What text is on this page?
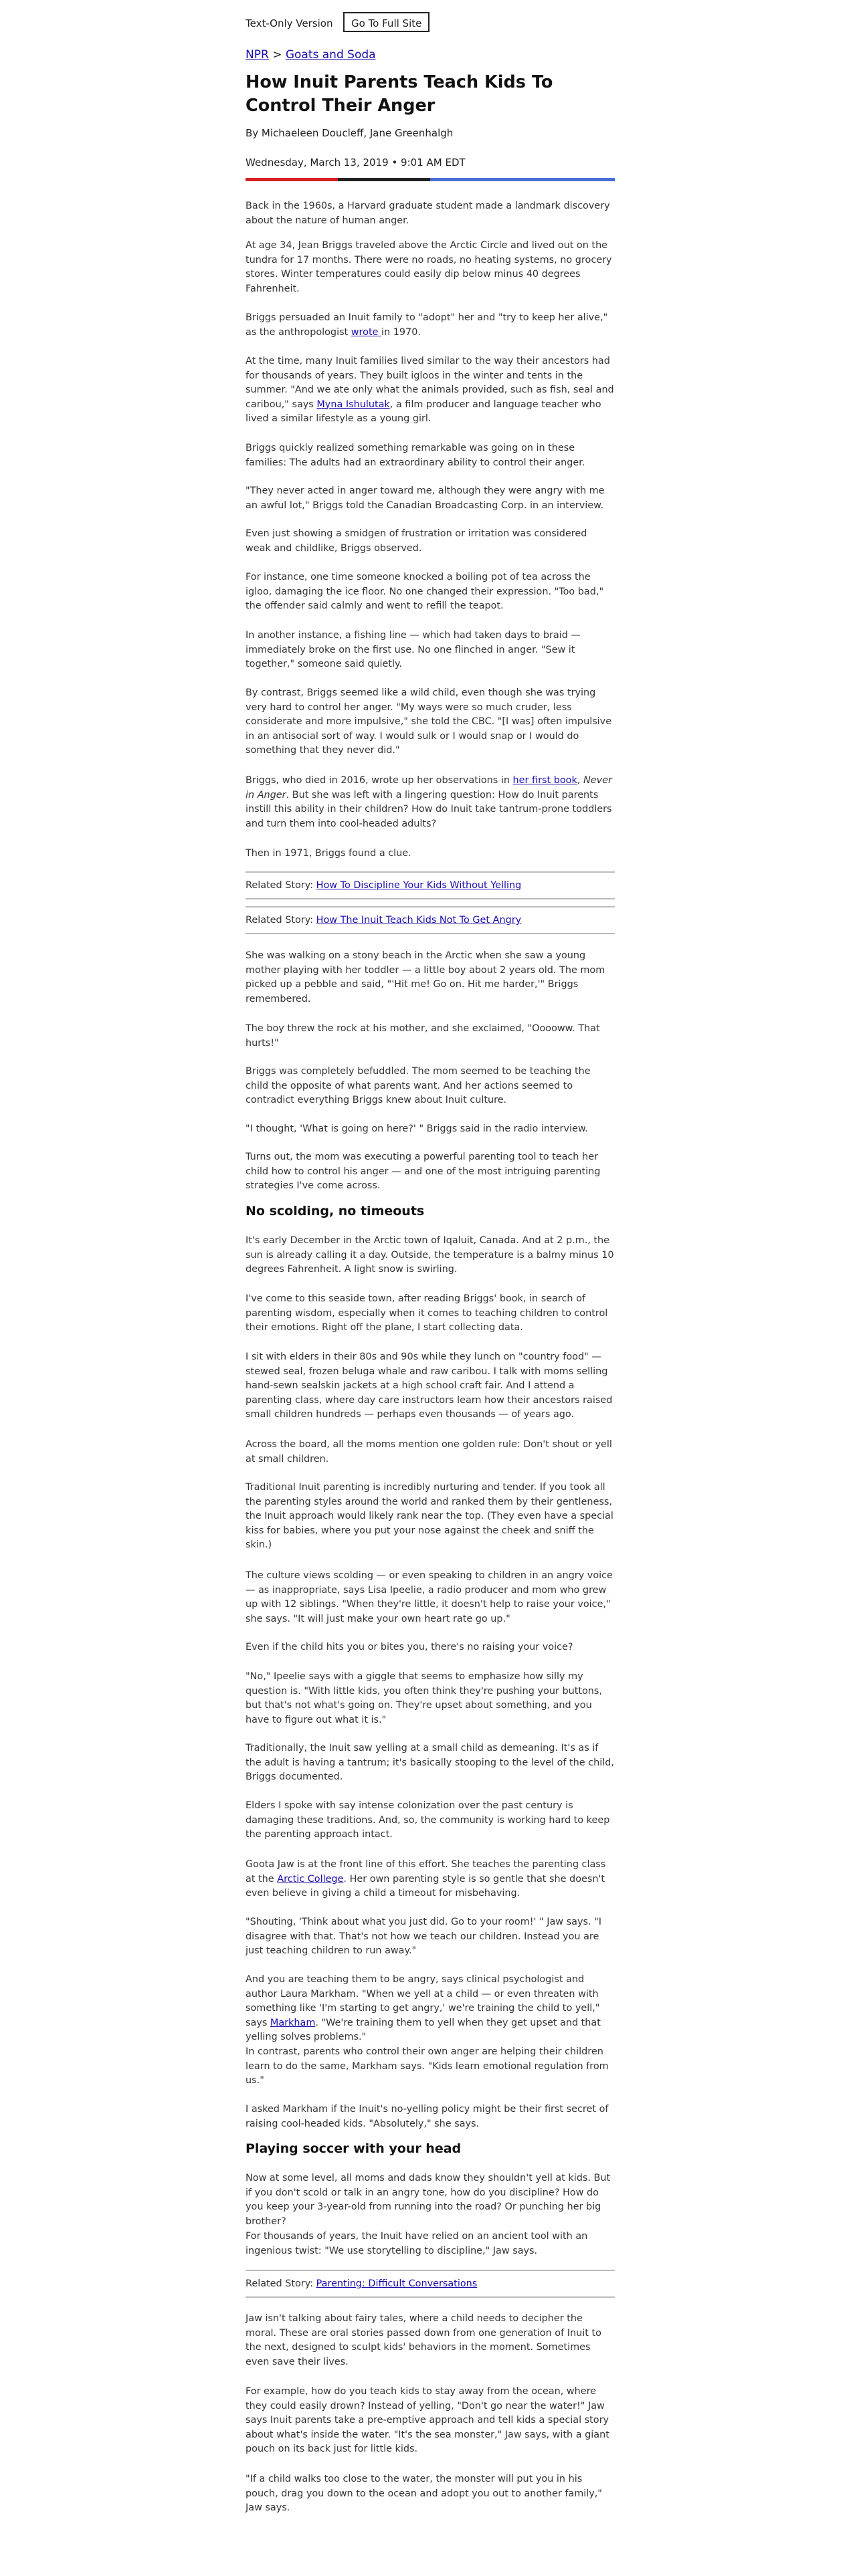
Text-Only Version	Go To Full Site
NPR > Goats and Soda
How Inuit Parents Teach Kids To Control Their Anger
By Michaeleen Doucleff, Jane Greenhalgh
Wednesday, March 13, 2019 • 9:01 AM EDT

Back in the 1960s, a Harvard graduate student made a landmark discovery about the nature of human anger.

At age 34, Jean Briggs traveled above the Arctic Circle and lived out on the tundra for 17 months. There were no roads, no heating systems, no grocery stores. Winter temperatures could easily dip below minus 40 degrees Fahrenheit.

Briggs persuaded an Inuit family to "adopt" her and "try to keep her alive," as the anthropologist wrote in 1970.

At the time, many Inuit families lived similar to the way their ancestors had for thousands of years. They built igloos in the winter and tents in the summer. "And we ate only what the animals provided, such as fish, seal and caribou," says Myna Ishulutak, a film producer and language teacher who lived a similar lifestyle as a young girl.

Briggs quickly realized something remarkable was going on in these families: The adults had an extraordinary ability to control their anger.

"They never acted in anger toward me, although they were angry with me an awful lot," Briggs told the Canadian Broadcasting Corp. in an interview.

Even just showing a smidgen of frustration or irritation was considered weak and childlike, Briggs observed.

For instance, one time someone knocked a boiling pot of tea across the igloo, damaging the ice floor. No one changed their expression. "Too bad," the offender said calmly and went to refill the teapot.

In another instance, a fishing line — which had taken days to braid — immediately broke on the first use. No one flinched in anger. "Sew it together," someone said quietly.

By contrast, Briggs seemed like a wild child, even though she was trying very hard to control her anger. "My ways were so much cruder, less considerate and more impulsive," she told the CBC. "[I was] often impulsive in an antisocial sort of way. I would sulk or I would snap or I would do something that they never did."

Briggs, who died in 2016, wrote up her observations in her first book, Never in Anger. But she was left with a lingering question: How do Inuit parents instill this ability in their children? How do Inuit take tantrum-prone toddlers and turn them into cool-headed adults?

Then in 1971, Briggs found a clue.

Related Story: How To Discipline Your Kids Without Yelling
Related Story: How The Inuit Teach Kids Not To Get Angry

She was walking on a stony beach in the Arctic when she saw a young mother playing with her toddler — a little boy about 2 years old. The mom picked up a pebble and said, "'Hit me! Go on. Hit me harder,'" Briggs remembered.

The boy threw the rock at his mother, and she exclaimed, "Ooooww. That hurts!"

Briggs was completely befuddled. The mom seemed to be teaching the child the opposite of what parents want. And her actions seemed to contradict everything Briggs knew about Inuit culture.

"I thought, 'What is going on here?' " Briggs said in the radio interview.

Turns out, the mom was executing a powerful parenting tool to teach her child how to control his anger — and one of the most intriguing parenting strategies I've come across.

No scolding, no timeouts

It's early December in the Arctic town of Iqaluit, Canada. And at 2 p.m., the sun is already calling it a day. Outside, the temperature is a balmy minus 10 degrees Fahrenheit. A light snow is swirling.

I've come to this seaside town, after reading Briggs' book, in search of parenting wisdom, especially when it comes to teaching children to control their emotions. Right off the plane, I start collecting data.

I sit with elders in their 80s and 90s while they lunch on "country food" — stewed seal, frozen beluga whale and raw caribou. I talk with moms selling hand-sewn sealskin jackets at a high school craft fair. And I attend a parenting class, where day care instructors learn how their ancestors raised small children hundreds — perhaps even thousands — of years ago.

Across the board, all the moms mention one golden rule: Don't shout or yell at small children.

Traditional Inuit parenting is incredibly nurturing and tender. If you took all the parenting styles around the world and ranked them by their gentleness, the Inuit approach would likely rank near the top. (They even have a special kiss for babies, where you put your nose against the cheek and sniff the skin.)

The culture views scolding — or even speaking to children in an angry voice — as inappropriate, says Lisa Ipeelie, a radio producer and mom who grew up with 12 siblings. "When they're little, it doesn't help to raise your voice," she says. "It will just make your own heart rate go up."

Even if the child hits you or bites you, there's no raising your voice?

"No," Ipeelie says with a giggle that seems to emphasize how silly my question is. "With little kids, you often think they're pushing your buttons, but that's not what's going on. They're upset about something, and you have to figure out what it is."

Traditionally, the Inuit saw yelling at a small child as demeaning. It's as if the adult is having a tantrum; it's basically stooping to the level of the child, Briggs documented.

Elders I spoke with say intense colonization over the past century is damaging these traditions. And, so, the community is working hard to keep the parenting approach intact.

Goota Jaw is at the front line of this effort. She teaches the parenting class at the Arctic College. Her own parenting style is so gentle that she doesn't even believe in giving a child a timeout for misbehaving.

"Shouting, 'Think about what you just did. Go to your room!' " Jaw says. "I disagree with that. That's not how we teach our children. Instead you are just teaching children to run away."

And you are teaching them to be angry, says clinical psychologist and author Laura Markham. "When we yell at a child — or even threaten with something like 'I'm starting to get angry,' we're training the child to yell," says Markham. "We're training them to yell when they get upset and that yelling solves problems."

In contrast, parents who control their own anger are helping their children learn to do the same, Markham says. "Kids learn emotional regulation from us."

I asked Markham if the Inuit's no-yelling policy might be their first secret of raising cool-headed kids. "Absolutely," she says.

Playing soccer with your head

Now at some level, all moms and dads know they shouldn't yell at kids. But if you don't scold or talk in an angry tone, how do you discipline? How do you keep your 3-year-old from running into the road? Or punching her big brother?

For thousands of years, the Inuit have relied on an ancient tool with an ingenious twist: "We use storytelling to discipline," Jaw says.

Related Story: Parenting: Difficult Conversations

Jaw isn't talking about fairy tales, where a child needs to decipher the moral. These are oral stories passed down from one generation of Inuit to the next, designed to sculpt kids' behaviors in the moment. Sometimes even save their lives.

For example, how do you teach kids to stay away from the ocean, where they could easily drown? Instead of yelling, "Don't go near the water!" Jaw says Inuit parents take a pre-emptive approach and tell kids a special story about what's inside the water. "It's the sea monster," Jaw says, with a giant pouch on its back just for little kids.

"If a child walks too close to the water, the monster will put you in his pouch, drag you down to the ocean and adopt you out to another family," Jaw says.
